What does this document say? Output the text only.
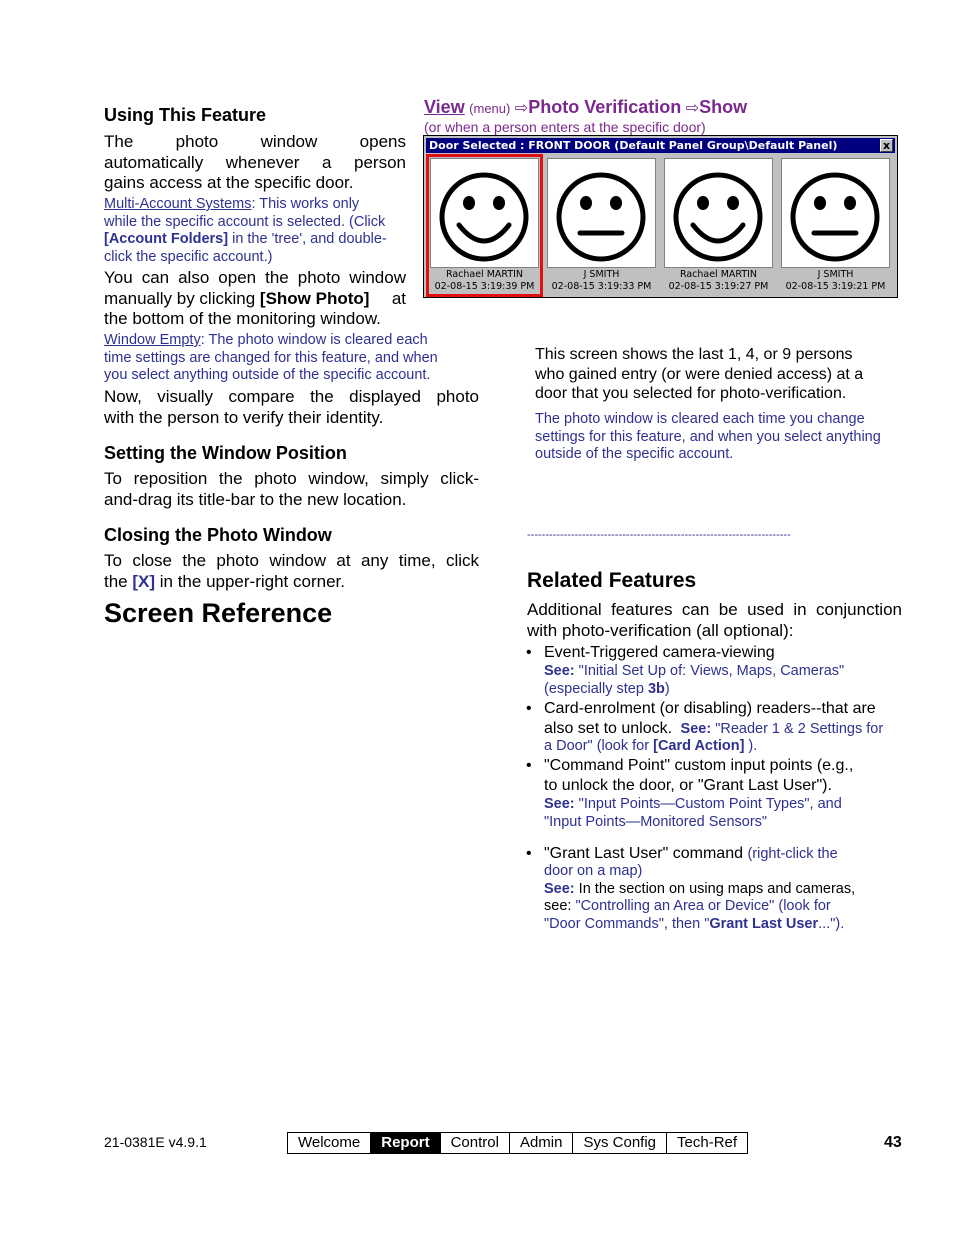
Using This Feature
The photo window opens
automatically whenever a person
gains access at the specific door.
Multi-Account Systems: This works only
while the specific account is selected. (Click
[Account Folders] in the 'tree', and double-
click the specific account.)
You can also open the photo window
manually by clicking [Show Photo] at
the bottom of the monitoring window.
Window Empty: The photo window is cleared each
time settings are changed for this feature, and when
you select anything outside of the specific account.
Now, visually compare the displayed photo
with the person to verify their identity.
Setting the Window Position
To reposition the photo window, simply click-
and-drag its title-bar to the new location.
Closing the Photo Window
To close the photo window at any time, click
the [X] in the upper-right corner.
Screen Reference
View (menu) ⇨Photo Verification ⇨Show
(or when a person enters at the specific door)
Door Selected : FRONT DOOR (Default Panel Group\Default Panel)	x
Rachael MARTIN
02-08-15 3:19:39 PM
J SMITH
02-08-15 3:19:33 PM
Rachael MARTIN
02-08-15 3:19:27 PM
J SMITH
02-08-15 3:19:21 PM
This screen shows the last 1, 4, or 9 persons
who gained entry (or were denied access) at a
door that you selected for photo-verification.
The photo window is cleared each time you change
settings for this feature, and when you select anything
outside of the specific account.
------------------------------------------------------------------------
Related Features
Additional features can be used in conjunction
with photo-verification (all optional):
• Event-Triggered camera-viewing
See: "Initial Set Up of: Views, Maps, Cameras"
(especially step 3b)
• Card-enrolment (or disabling) readers--that are
also set to unlock. See: "Reader 1 & 2 Settings for
a Door" (look for [Card Action] ).
• "Command Point" custom input points (e.g.,
to unlock the door, or "Grant Last User").
See: "Input Points—Custom Point Types", and
"Input Points—Monitored Sensors"
• "Grant Last User" command (right-click the
door on a map)
See: In the section on using maps and cameras,
see: "Controlling an Area or Device" (look for
"Door Commands", then "Grant Last User...").
21-0381E v4.9.1	Welcome	Report	Control	Admin	Sys Config	Tech-Ref	43
